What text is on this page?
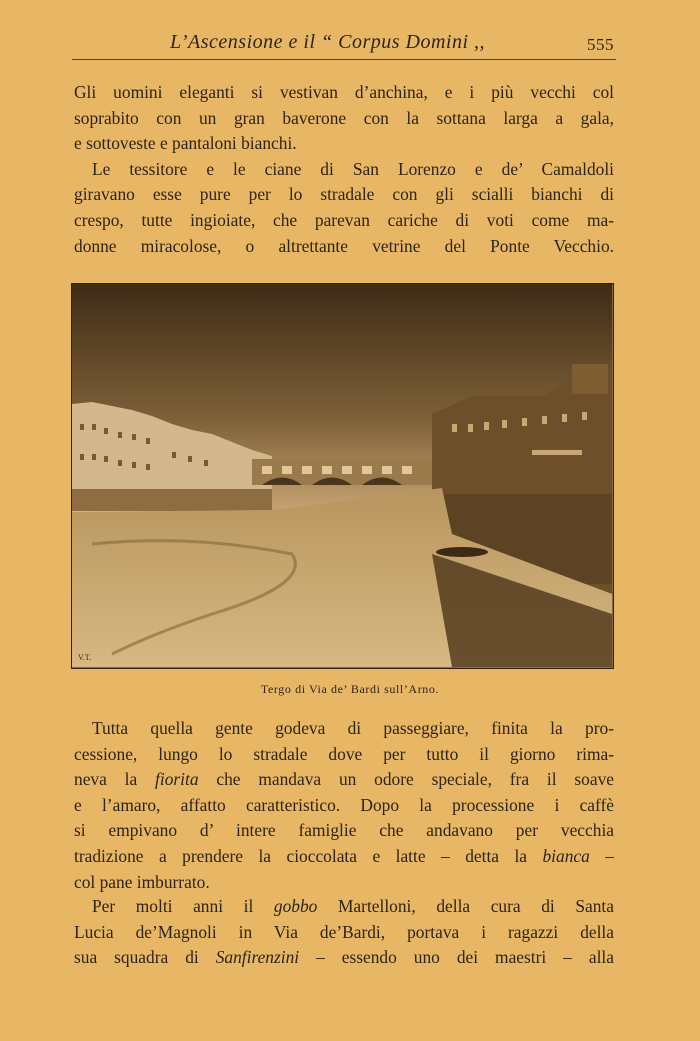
L’Ascensione e il “ Corpus Domini ,,	555
Gli uomini eleganti si vestivan d’anchina, e i più vecchi col
soprabito con un gran baverone con la sottana larga a gala,
e sottoveste e pantaloni bianchi.
Le tessitore e le ciane di San Lorenzo e de’ Camaldoli
giravano esse pure per lo stradale con gli scialli bianchi di
crespo, tutte ingioiate, che parevan cariche di voti come ma-
donne miracolose, o altrettante vetrine del Ponte Vecchio.
V.T.
Tergo di Via de’ Bardi sull’Arno.
Tutta quella gente godeva di passeggiare, finita la pro-
cessione, lungo lo stradale dove per tutto il giorno rima-
neva la fiorita che mandava un odore speciale, fra il soave
e l’amaro, affatto caratteristico. Dopo la processione i caffè
si empivano d’ intere famiglie che andavano per vecchia
tradizione a prendere la cioccolata e latte – detta la bianca –
col pane imburrato.
Per molti anni il gobbo Martelloni, della cura di Santa
Lucia de’Magnoli in Via de’Bardi, portava i ragazzi della
sua squadra di Sanfirenzini – essendo uno dei maestri – alla
